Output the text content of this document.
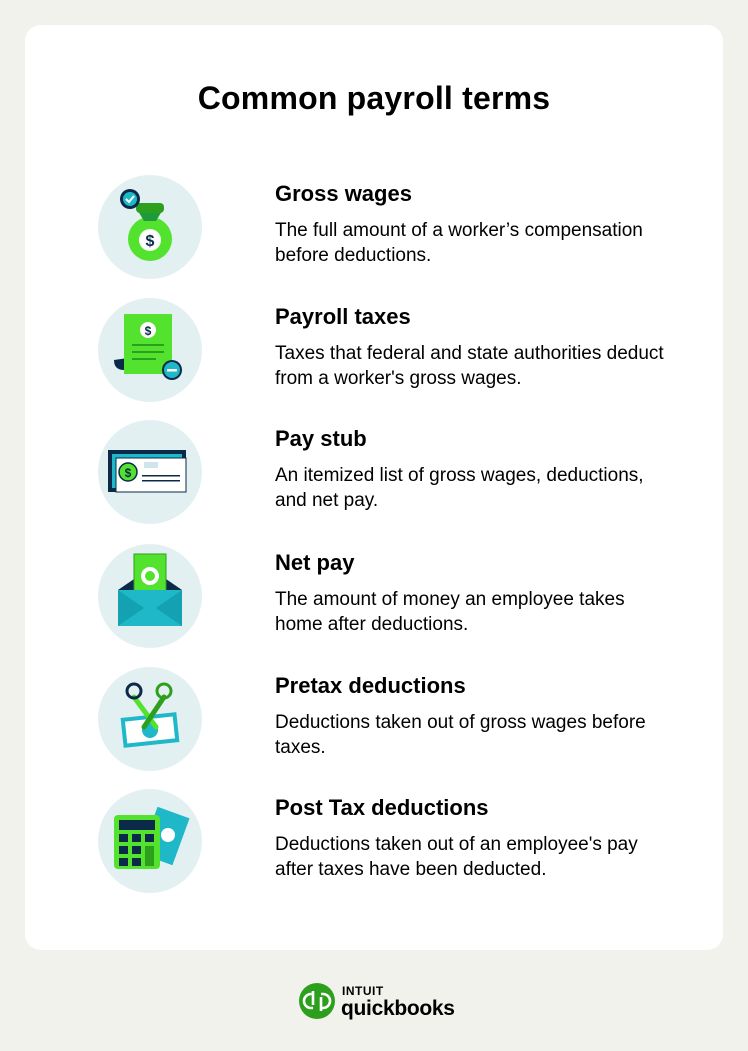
Common payroll terms
$
Gross wages
The full amount of a worker’s compensation before deductions.
$
Payroll taxes
Taxes that federal and state authorities deduct from a worker's gross wages.
$
Pay stub
An itemized list of gross wages, deductions, and net pay.
Net pay
The amount of money an employee takes home after deductions.
Pretax deductions
Deductions taken out of gross wages before taxes.
Post Tax deductions
Deductions taken out of an employee's pay after taxes have been deducted.
INTUIT
quickbooks
